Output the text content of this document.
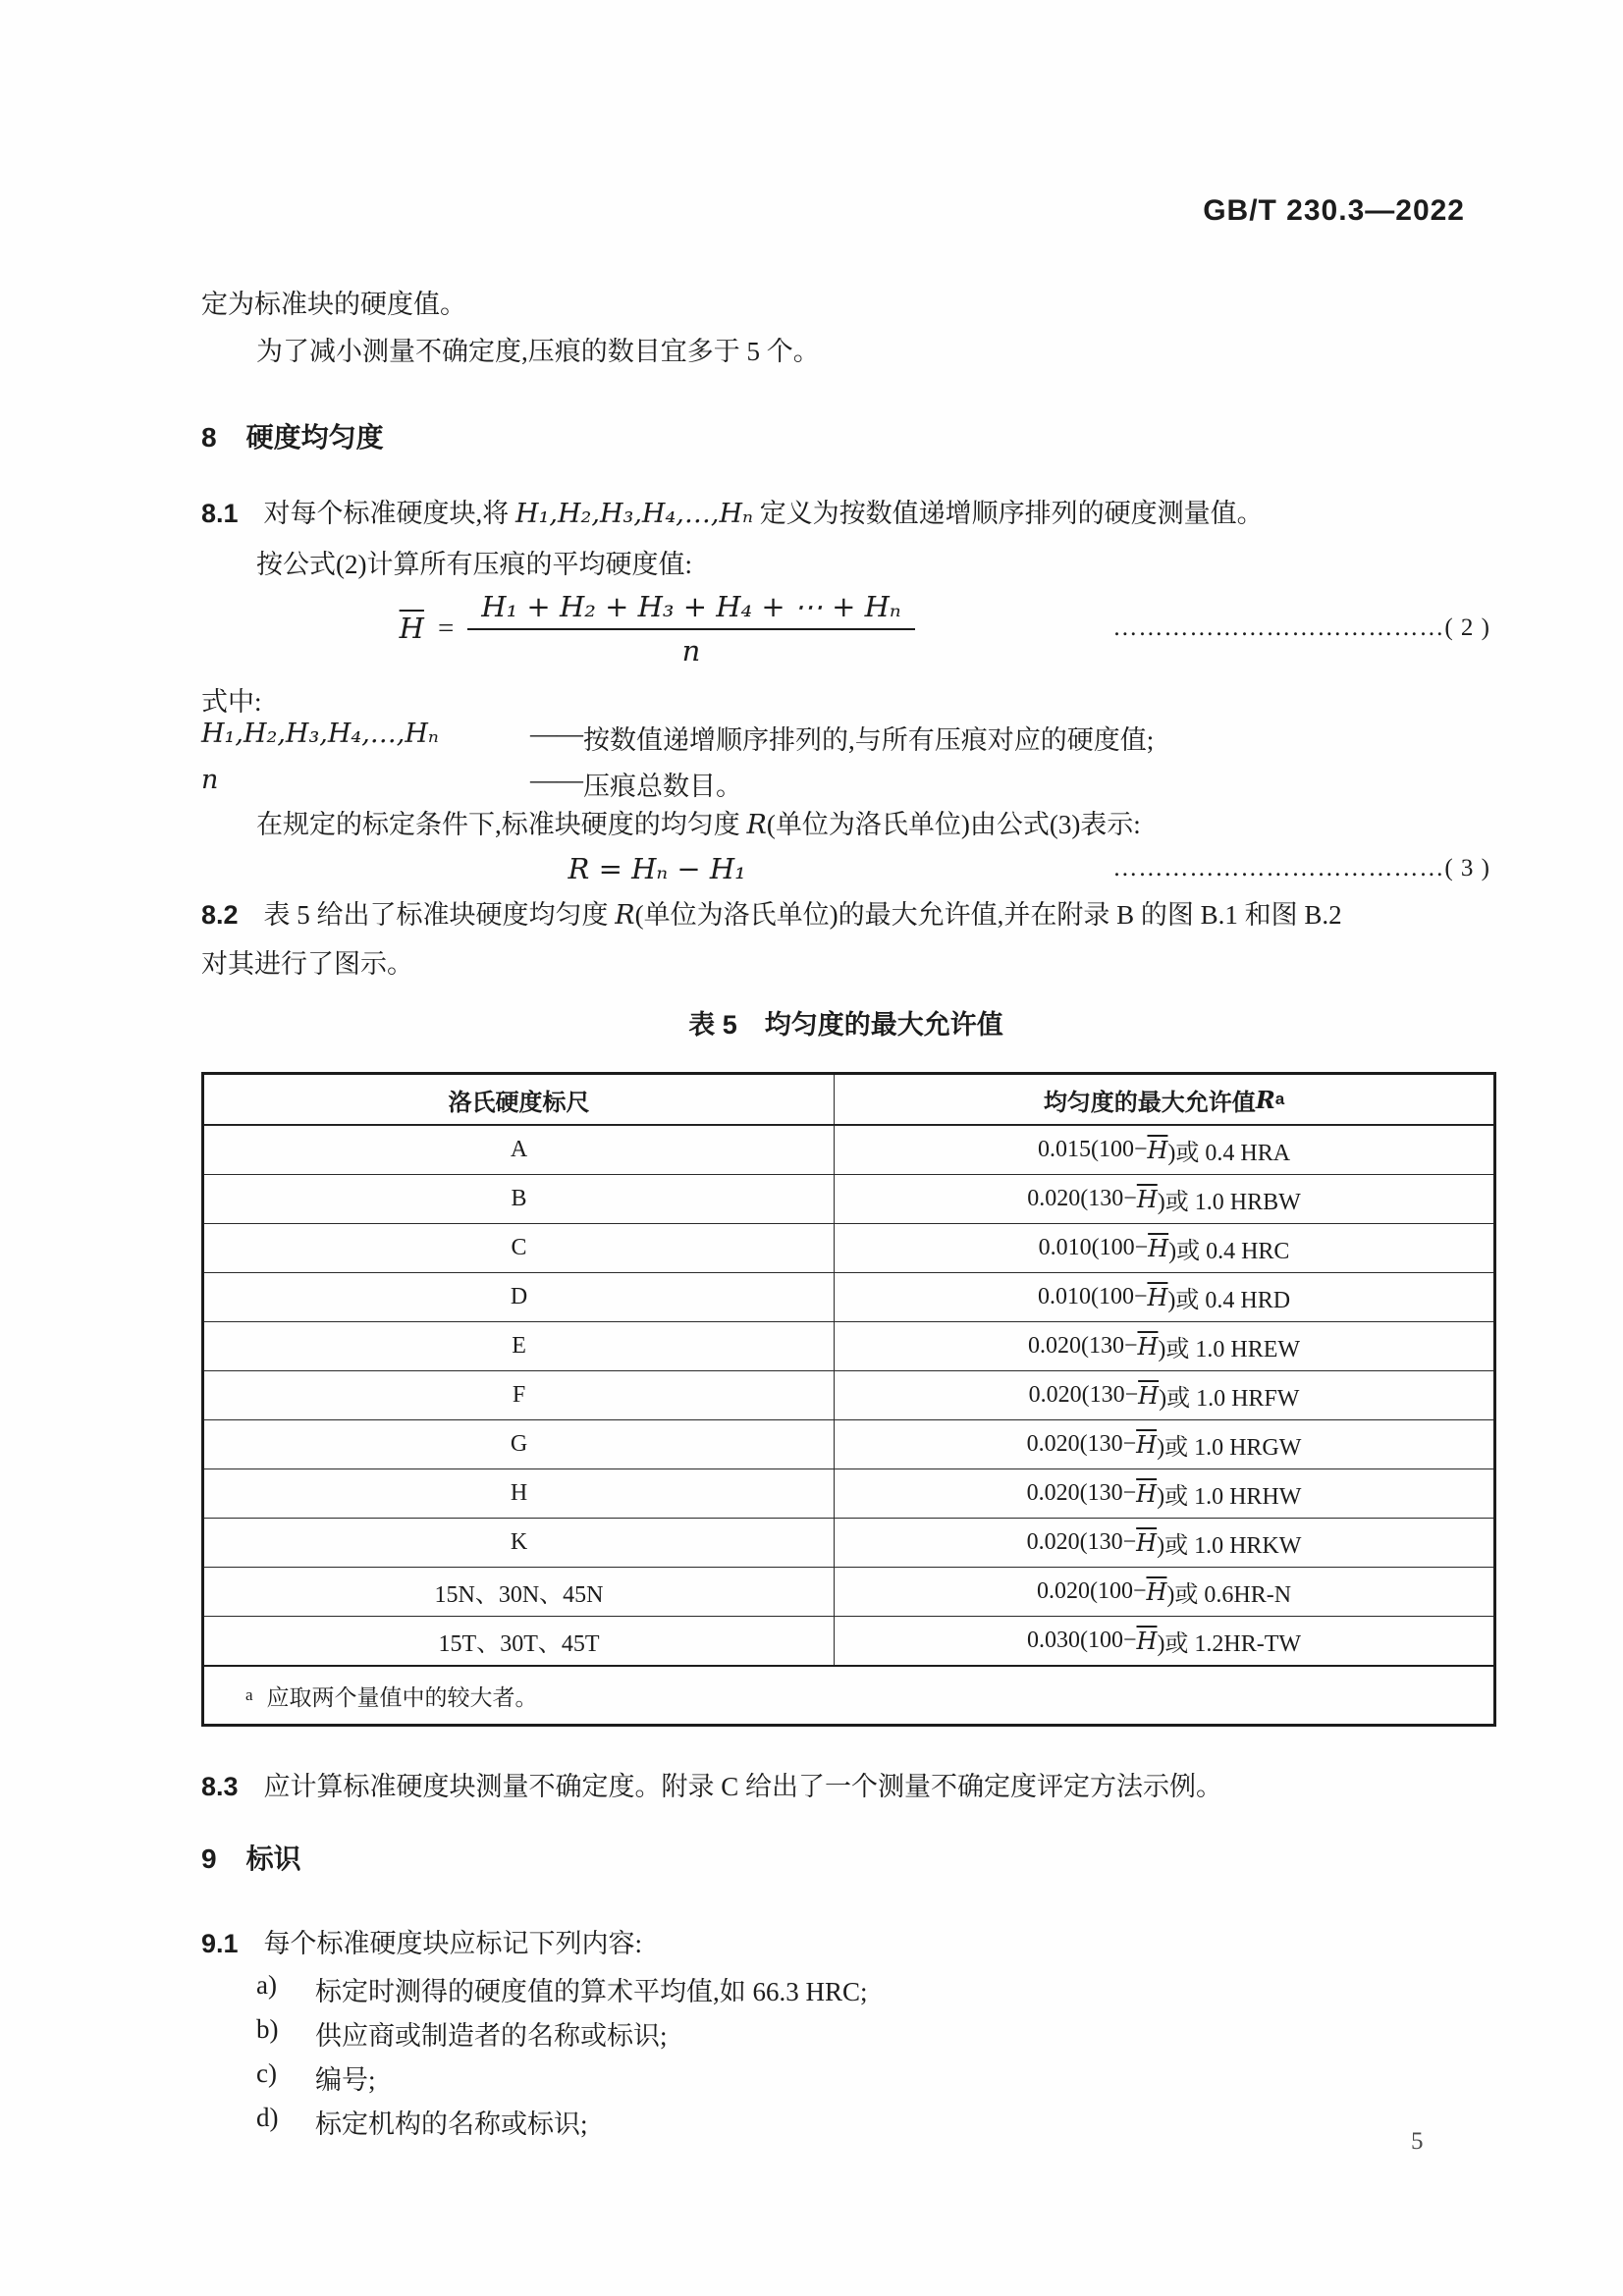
GB/T 230.3—2022
定为标准块的硬度值。
为了减小测量不确定度,压痕的数目宜多于 5 个。
8 硬度均匀度
8.1 对每个标准硬度块,将 H₁,H₂,H₃,H₄,…,Hₙ 定义为按数值递增顺序排列的硬度测量值。
按公式(2)计算所有压痕的平均硬度值:
$\overline{H} = \frac{\text{H₁ + H₂ + H₃ + H₄ + ⋯ + Hₙ}}{n}$	…………………………………( 2 )
式中:
H₁,H₂,H₃,H₄,…,Hₙ	—— 按数值递增顺序排列的,与所有压痕对应的硬度值;
n	—— 压痕总数目。
在规定的标定条件下,标准块硬度的均匀度 R(单位为洛氏单位)由公式(3)表示:
R = Hₙ − H₁	…………………………………( 3 )
8.2 表 5 给出了标准块硬度均匀度 R(单位为洛氏单位)的最大允许值,并在附录 B 的图 B.1 和图 B.2
对其进行了图示。
表 5 均匀度的最大允许值
洛氏硬度标尺	均匀度的最大允许值 R a
A	$0.015(100- \overline{H}$ )或 0.4 HRA
B	$0.020(130- \overline{H}$ )或 1.0 HRBW
C	$0.010(100- \overline{H}$ )或 0.4 HRC
D	$0.010(100- \overline{H}$ )或 0.4 HRD
E	$0.020(130- \overline{H}$ )或 1.0 HREW
F	$0.020(130- \overline{H}$ )或 1.0 HRFW
G	$0.020(130- \overline{H}$ )或 1.0 HRGW
H	$0.020(130- \overline{H}$ )或 1.0 HRHW
K	$0.020(130- \overline{H}$ )或 1.0 HRKW
15N、30N、45N	$0.020(100- \overline{H}$ )或 0.6HR-N
15T、30T、45T	$0.030(100- \overline{H}$ )或 1.2HR-TW
a 应取两个量值中的较大者。
8.3 应计算标准硬度块测量不确定度。附录 C 给出了一个测量不确定度评定方法示例。
9 标识
9.1 每个标准硬度块应标记下列内容:
a)	标定时测得的硬度值的算术平均值,如 66.3 HRC;
b)	供应商或制造者的名称或标识;
c)	编号;
d)	标定机构的名称或标识;
5
